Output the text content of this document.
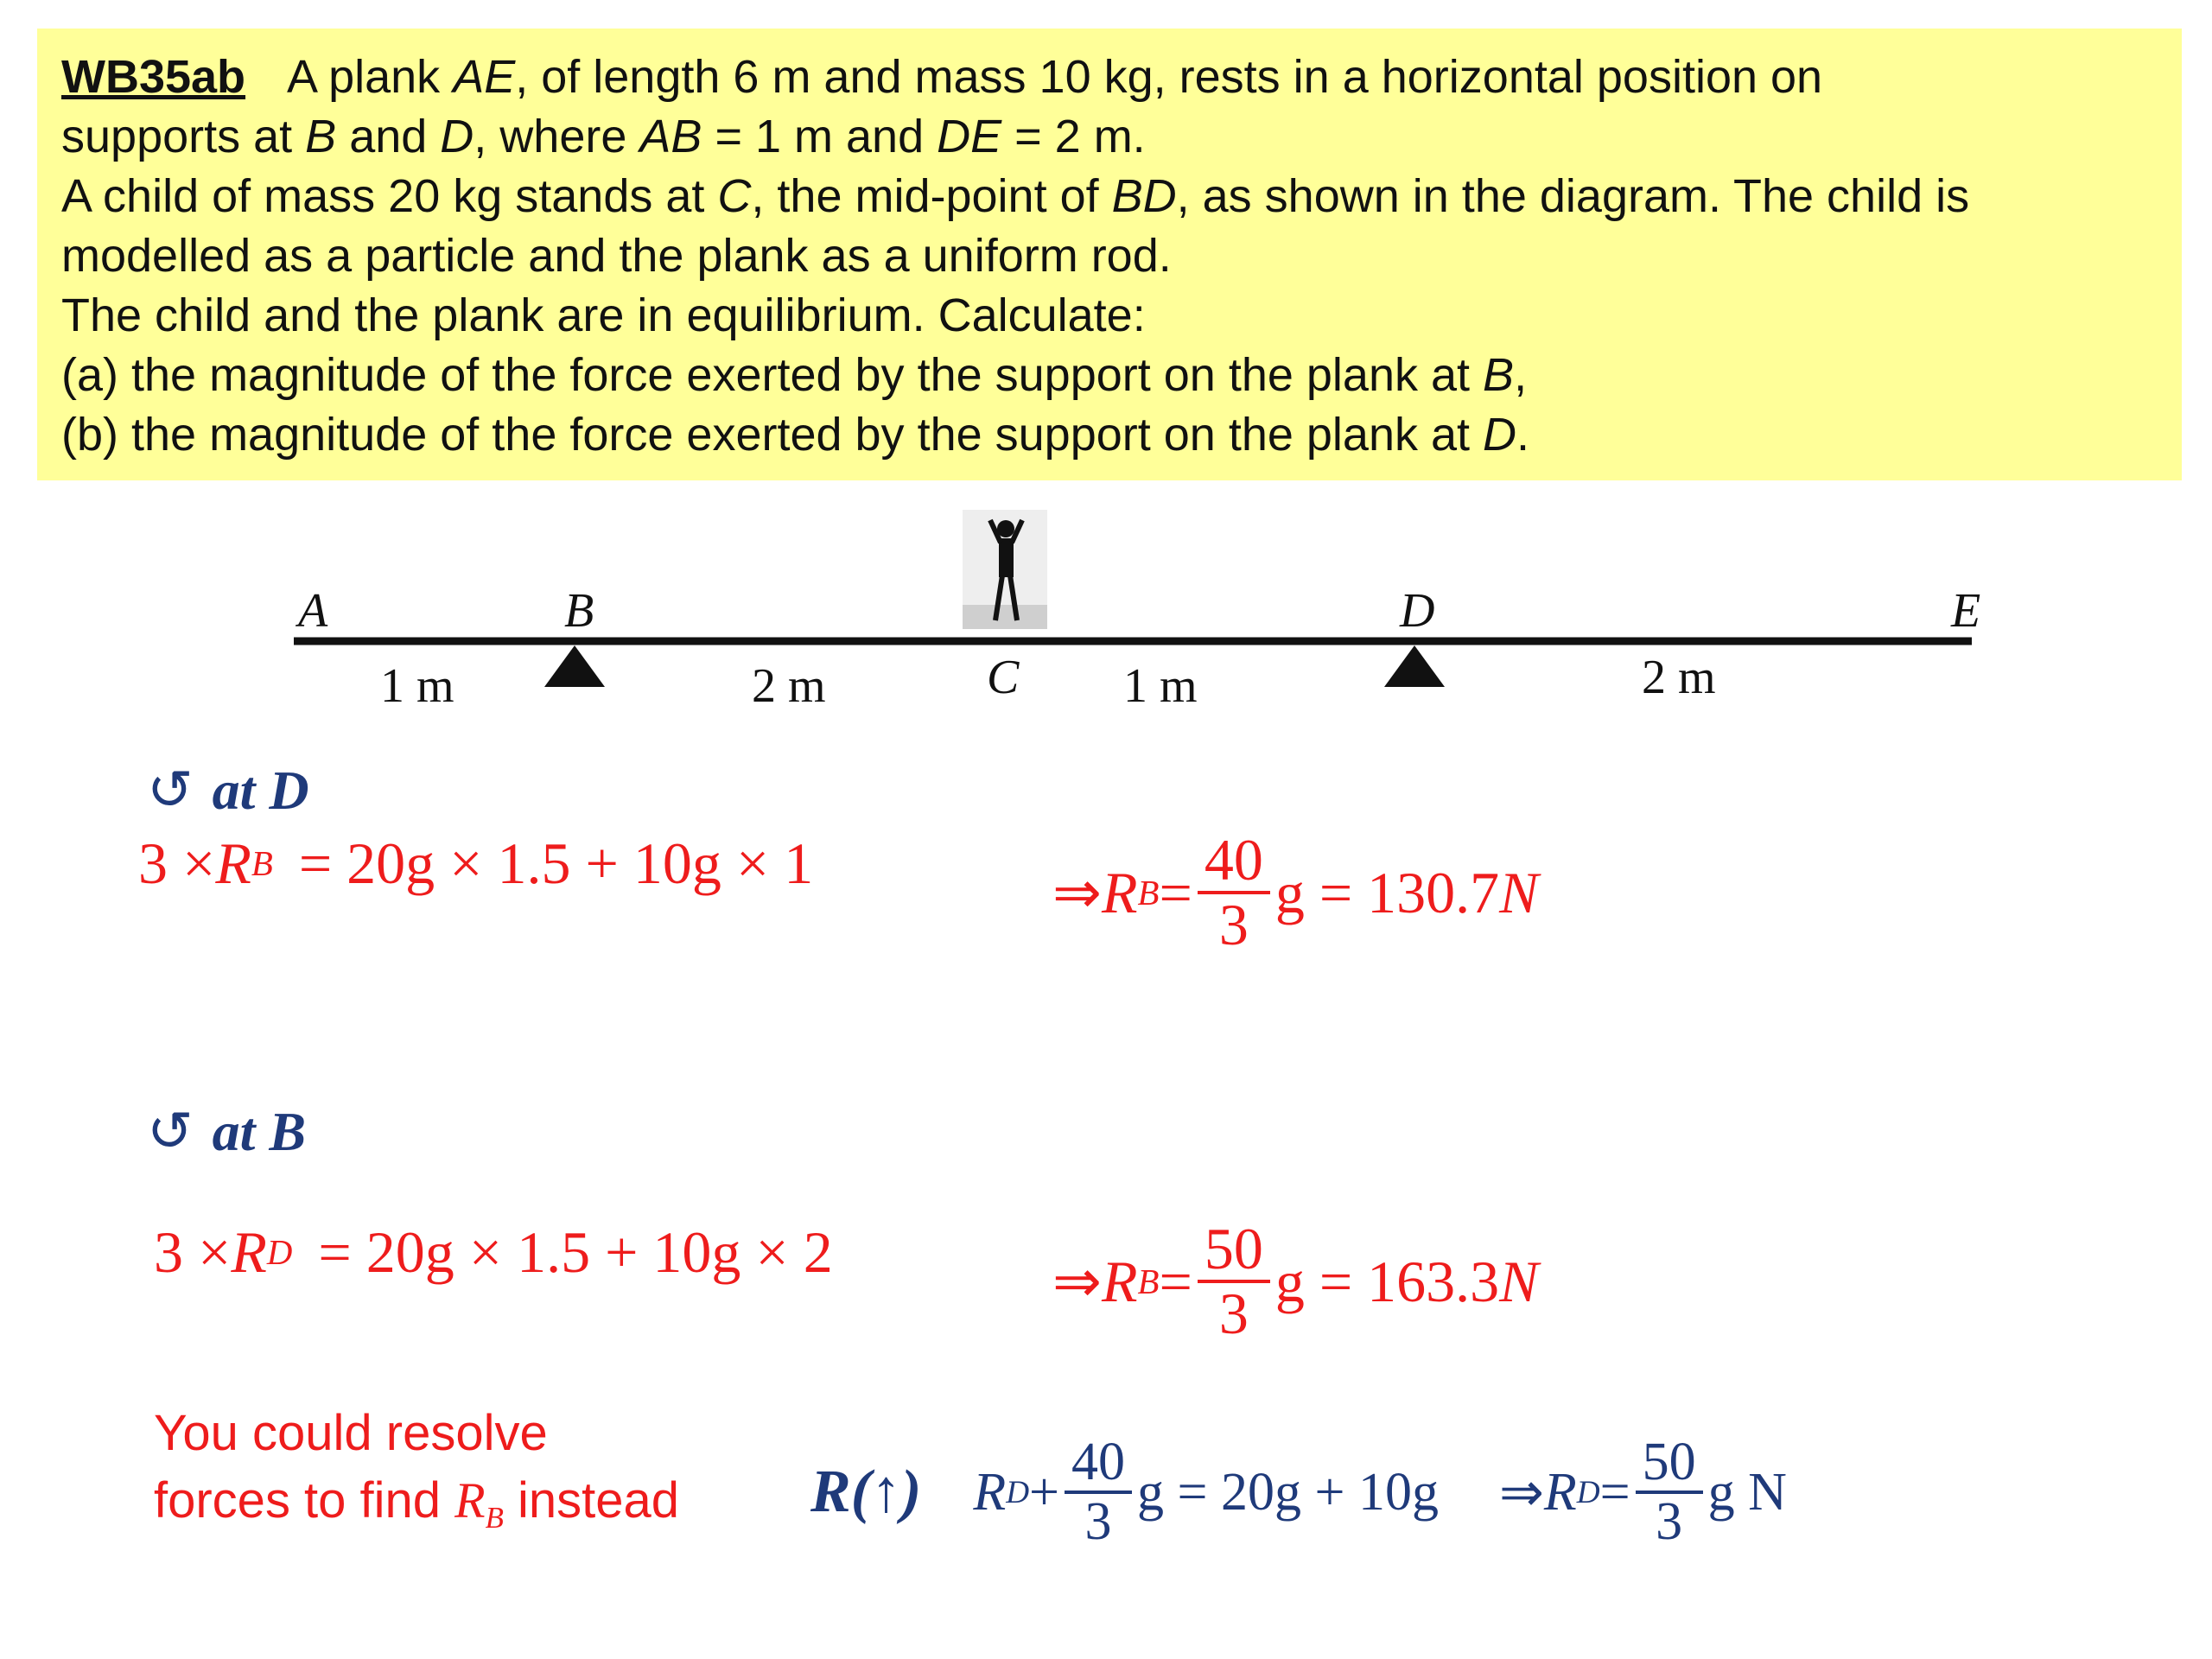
WB35ab A plank AE, of length 6 m and mass 10 kg, rests in a horizontal position on

supports at B and D, where AB = 1 m and DE = 2 m.

A child of mass 20 kg stands at C, the mid-point of BD, as shown in the diagram. The child is

modelled as a particle and the plank as a uniform rod.

The child and the plank are in equilibrium. Calculate:

(a) the magnitude of the force exerted by the support on the plank at B,

(b) the magnitude of the force exerted by the support on the plank at D.

A	B
C
D	E
1 m	2 m	1 m	2 m
↺ at D
3 × R B = 20g × 1.5 + 10g × 1	⇒ R $B = \frac{40}{3}$ g = 130.7 N
↺ at B
3 × R D = 20g × 1.5 + 10g × 2	⇒ R $B = \frac{50}{3}$ g = 163.3 N
You could resolve
forces to find $R_B$ instead R(↑) R $D + \frac{40}{3}$ g = 20g + 10g ⇒ R $D = \frac{50}{3}$ g N
